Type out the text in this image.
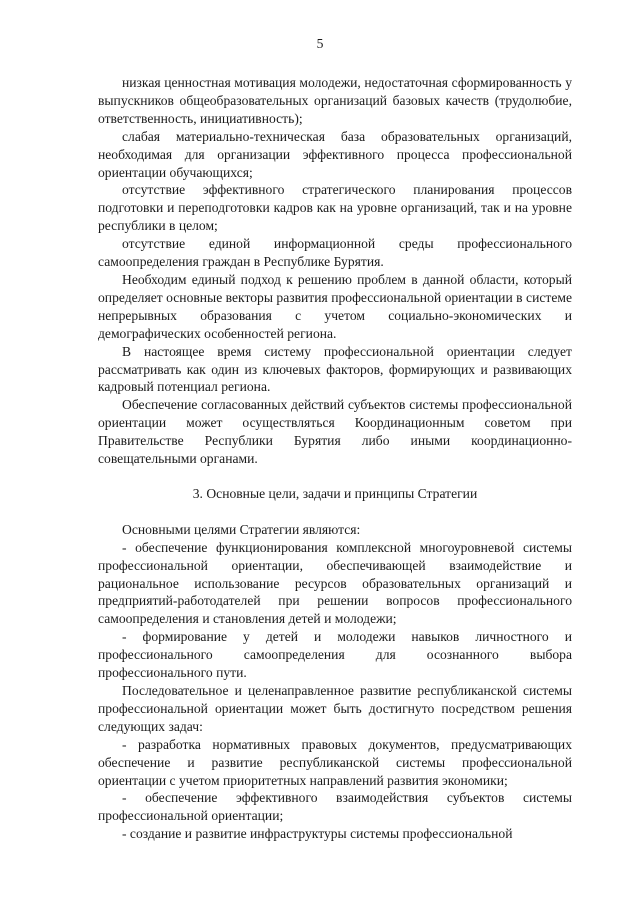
5

низкая ценностная мотивация молодежи, недостаточная сформированность у выпускников общеобразовательных организаций базовых качеств (трудолюбие, ответственность, инициативность);

слабая материально-техническая база образовательных организаций, необходимая для организации эффективного процесса профессиональной ориентации обучающихся;

отсутствие эффективного стратегического планирования процессов подготовки и переподготовки кадров как на уровне организаций, так и на уровне республики в целом;

отсутствие единой информационной среды профессионального самоопределения граждан в Республике Бурятия.

Необходим единый подход к решению проблем в данной области, который определяет основные векторы развития профессиональной ориентации в системе непрерывных образования с учетом социально-экономических и демографических особенностей региона.

В настоящее время систему профессиональной ориентации следует рассматривать как один из ключевых факторов, формирующих и развивающих кадровый потенциал региона.

Обеспечение согласованных действий субъектов системы профессиональной ориентации может осуществляться Координационным советом при Правительстве Республики Бурятия либо иными координационно-совещательными органами.

3. Основные цели, задачи и принципы Стратегии

Основными целями Стратегии являются:

- обеспечение функционирования комплексной многоуровневой системы профессиональной ориентации, обеспечивающей взаимодействие и рациональное использование ресурсов образовательных организаций и предприятий-работодателей при решении вопросов профессионального самоопределения и становления детей и молодежи;

- формирование у детей и молодежи навыков личностного и профессионального самоопределения для осознанного выбора профессионального пути.

Последовательное и целенаправленное развитие республиканской системы профессиональной ориентации может быть достигнуто посредством решения следующих задач:

- разработка нормативных правовых документов, предусматривающих обеспечение и развитие республиканской системы профессиональной ориентации с учетом приоритетных направлений развития экономики;

- обеспечение эффективного взаимодействия субъектов системы профессиональной ориентации;

- создание и развитие инфраструктуры системы профессиональной
